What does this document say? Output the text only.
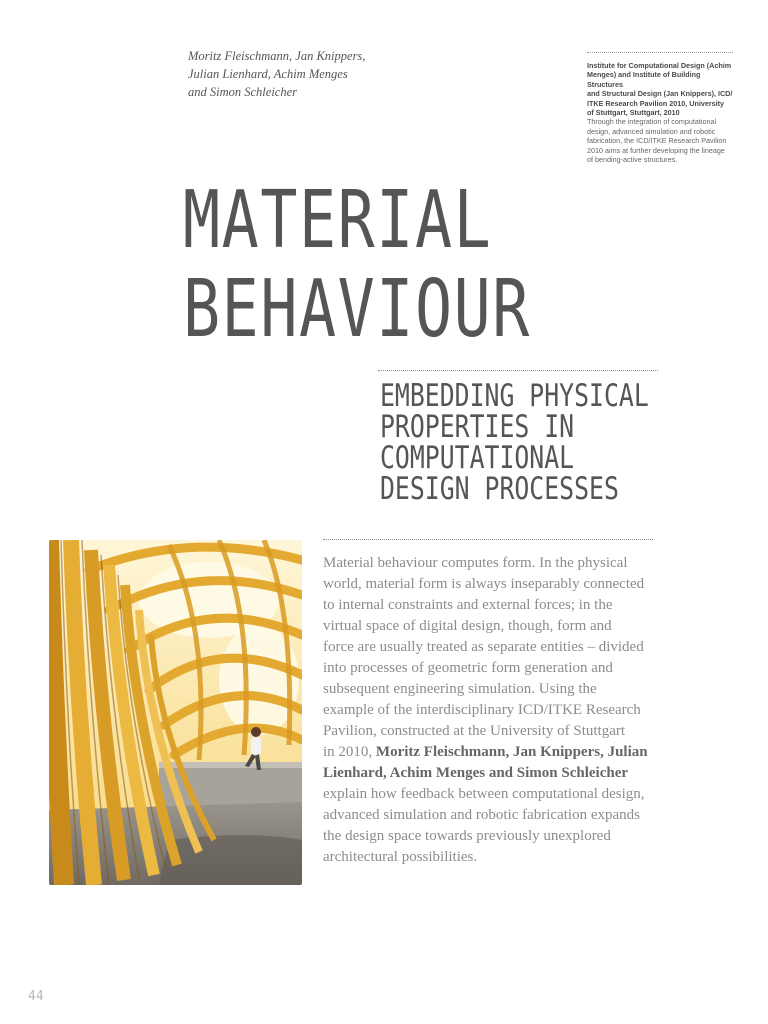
Moritz Fleischmann, Jan Knippers,
Julian Lienhard, Achim Menges
and Simon Schleicher
Institute for Computational Design (Achim
Menges) and Institute of Building Structures
and Structural Design (Jan Knippers), ICD/
ITKE Research Pavilion 2010, University
of Stuttgart, Stuttgart, 2010
Through the integration of computational
design, advanced simulation and robotic
fabrication, the ICD/ITKE Research Pavilion
2010 aims at further developing the lineage
of bending-active structures.
MATERIAL
BEHAVIOUR
EMBEDDING PHYSICAL
PROPERTIES IN
COMPUTATIONAL
DESIGN PROCESSES
Material behaviour computes form. In the physical
world, material form is always inseparably connected
to internal constraints and external forces; in the
virtual space of digital design, though, form and
force are usually treated as separate entities – divided
into processes of geometric form generation and
subsequent engineering simulation. Using the
example of the interdisciplinary ICD/ITKE Research
Pavilion, constructed at the University of Stuttgart
in 2010, Moritz Fleischmann, Jan Knippers, Julian
Lienhard, Achim Menges and Simon Schleicher
explain how feedback between computational design,
advanced simulation and robotic fabrication expands
the design space towards previously unexplored
architectural possibilities.
44
